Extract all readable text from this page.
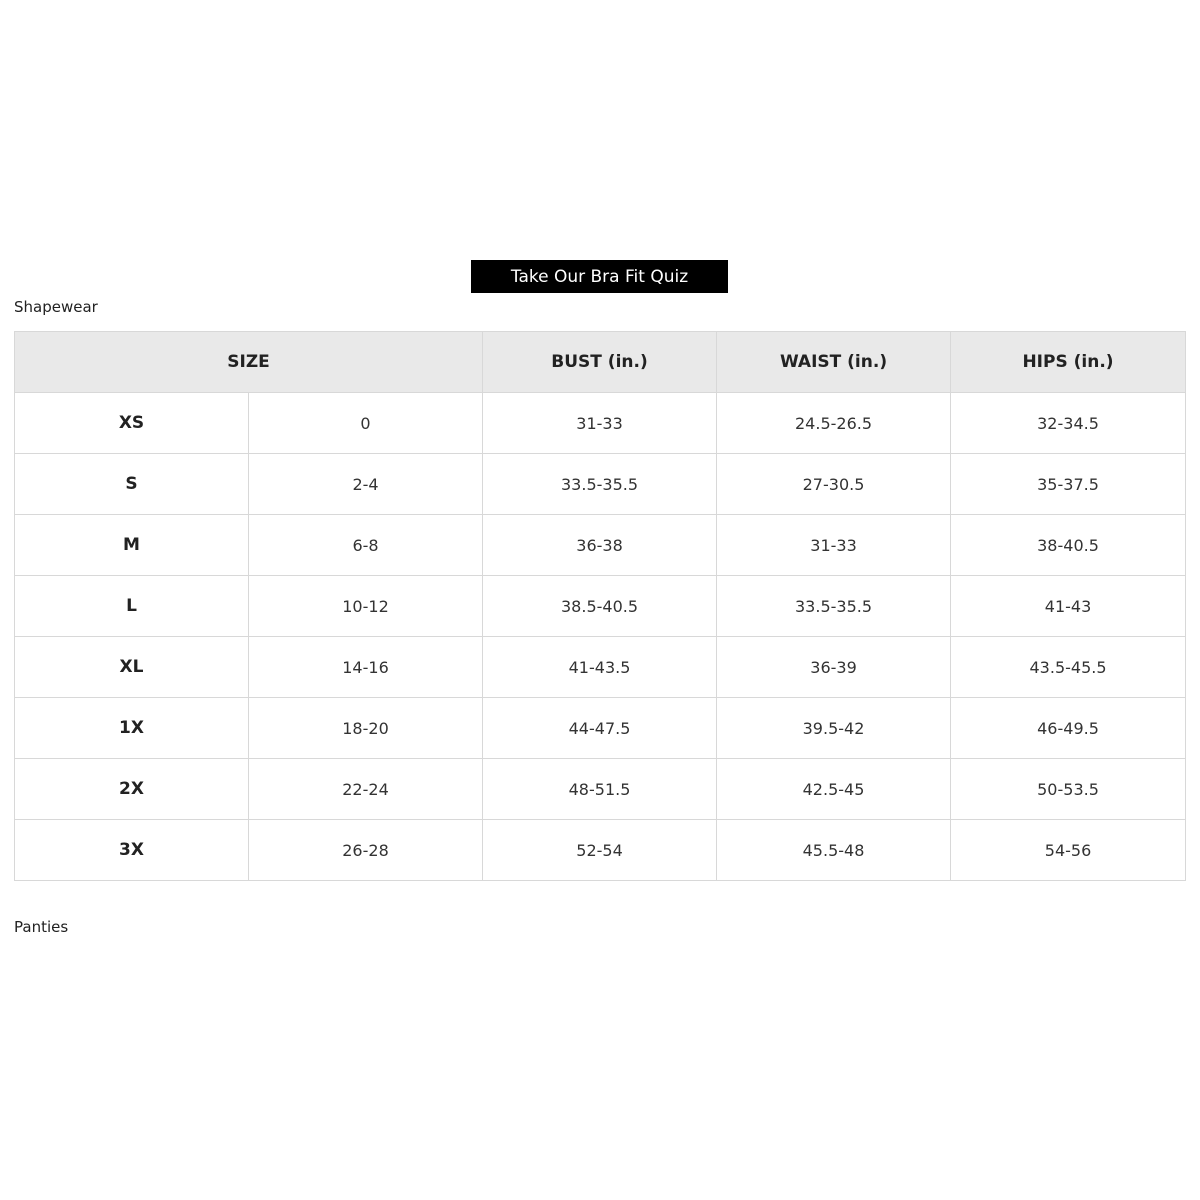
Take Our Bra Fit Quiz
Shapewear
SIZE		BUST (in.)	WAIST (in.)	HIPS (in.)
XS	0	31-33	24.5-26.5	32-34.5
S	2-4	33.5-35.5	27-30.5	35-37.5
M	6-8	36-38	31-33	38-40.5
L	10-12	38.5-40.5	33.5-35.5	41-43
XL	14-16	41-43.5	36-39	43.5-45.5
1X	18-20	44-47.5	39.5-42	46-49.5
2X	22-24	48-51.5	42.5-45	50-53.5
3X	26-28	52-54	45.5-48	54-56
Panties
